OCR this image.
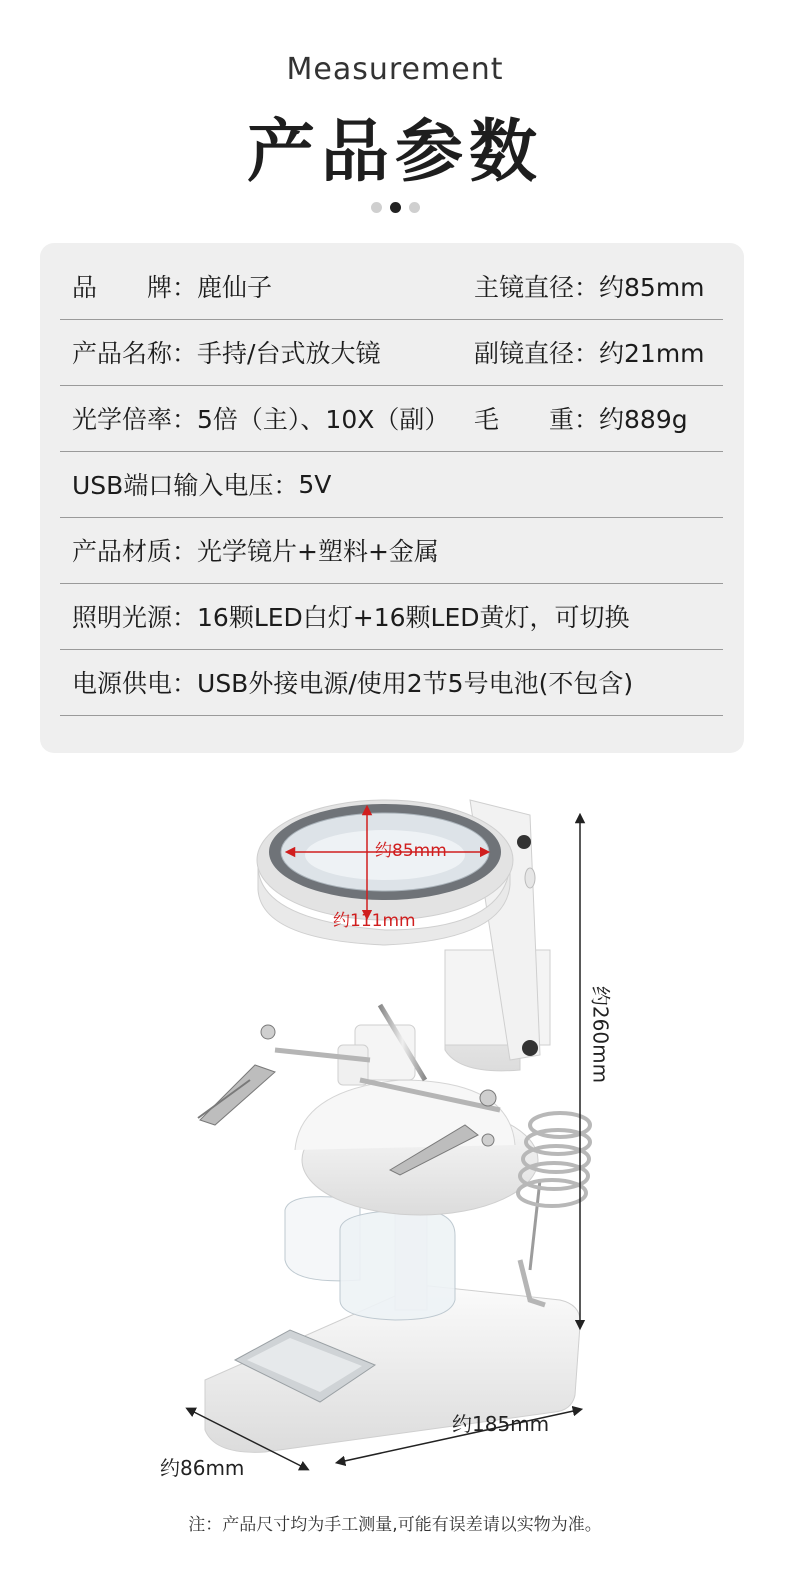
Measurement
产品参数
品　　牌： 鹿仙子	主镜直径： 约85mm
产品名称： 手持/台式放大镜	副镜直径： 约21mm
光学倍率： 5倍（主）、10X（副） 毛　　重： 约889g
USB端口输入电压： 5V
产品材质： 光学镜片+塑料+金属
照明光源： 16颗LED白灯+16颗LED黄灯，可切换
电源供电： USB外接电源/使用2节5号电池(不包含)
约85mm
约111mm
约260mm
约185mm
约86mm
注：产品尺寸均为手工测量,可能有误差请以实物为准。
